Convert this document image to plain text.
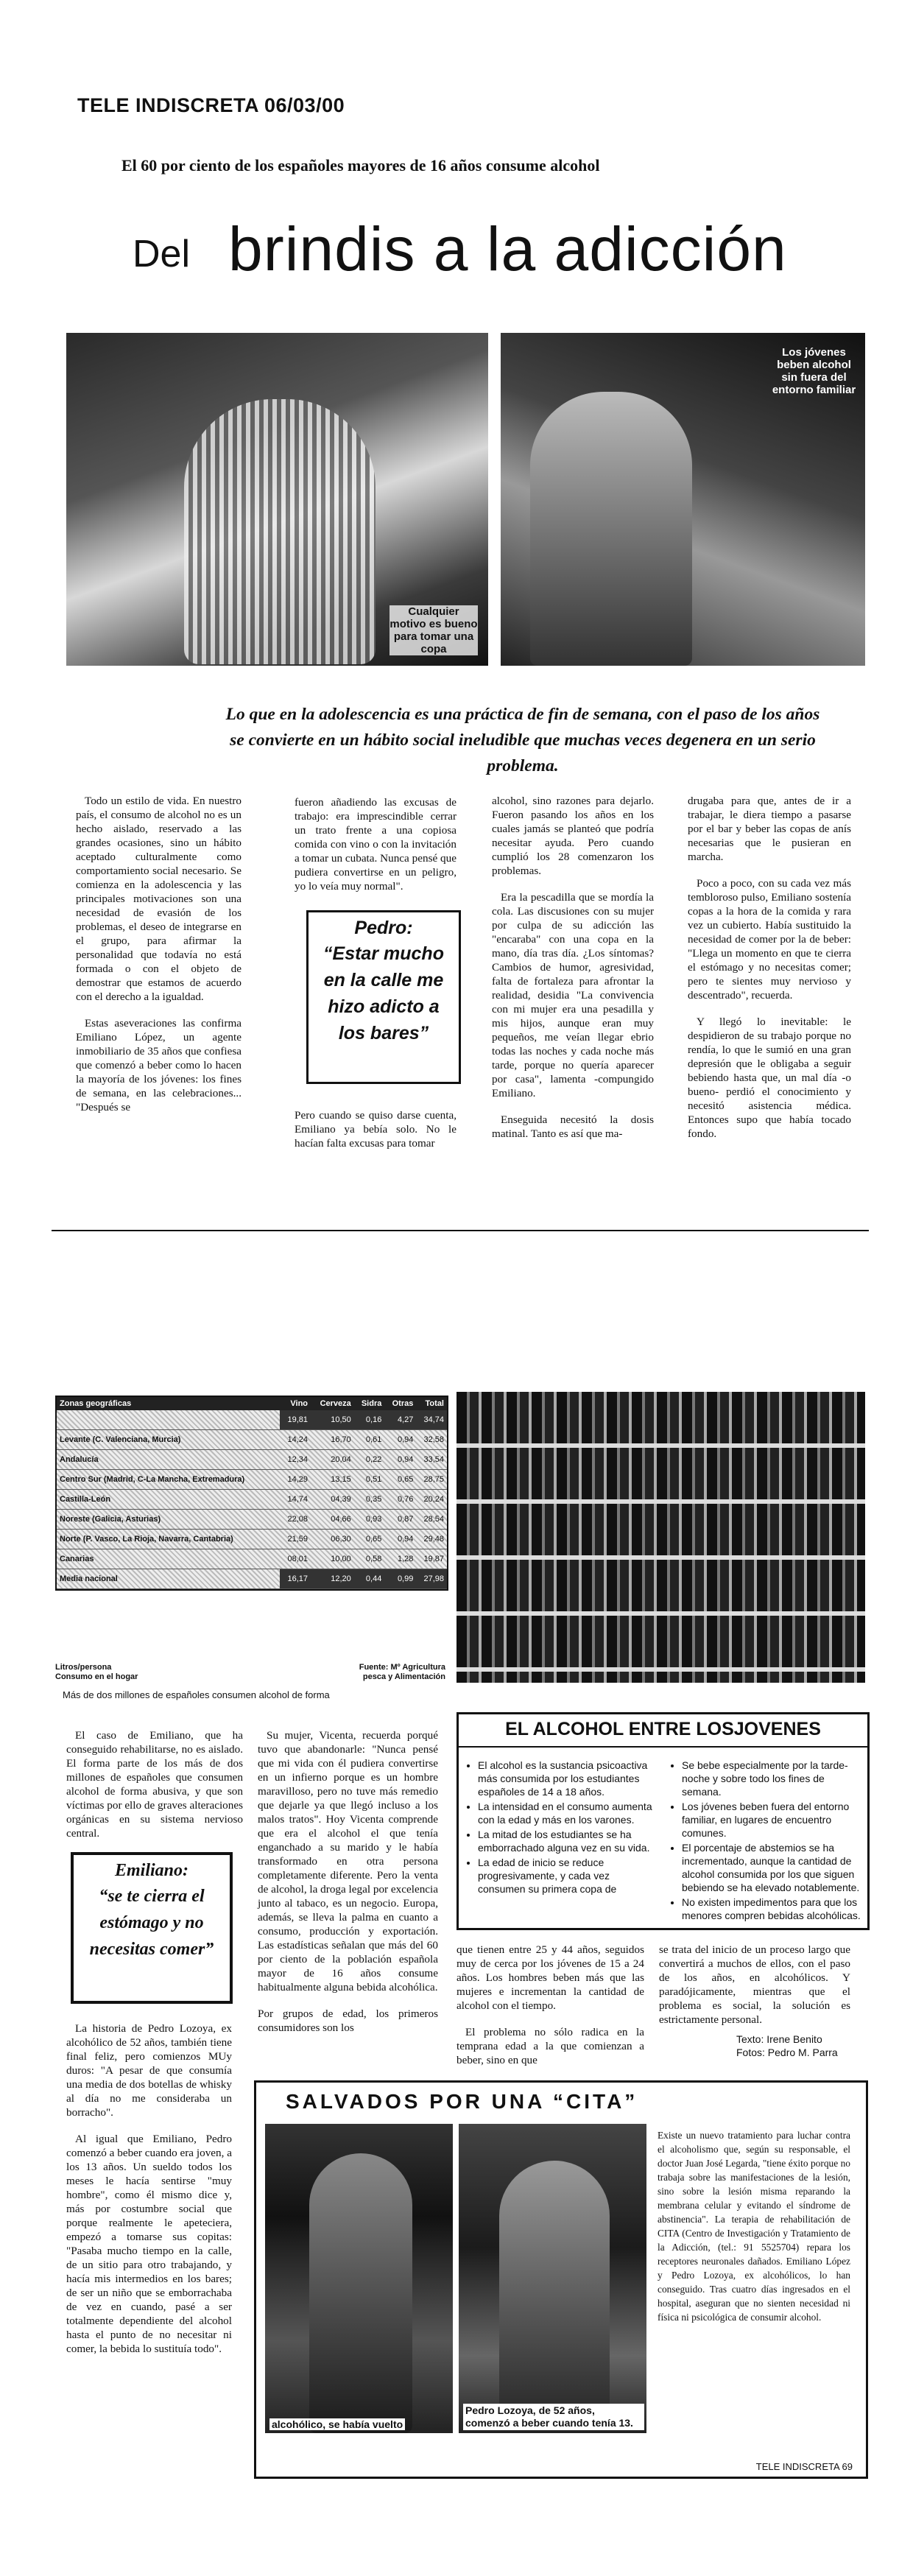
TELE INDISCRETA 06/03/00
El 60 por ciento de los españoles mayores de 16 años consume alcohol
Del brindis a la adicción
Cualquier motivo es bueno para tomar una copa
Los jóvenes beben alcohol sin fuera del entorno familiar
Lo que en la adolescencia es una práctica de fin de semana, con el paso de los años se convierte en un hábito social ineludible que muchas veces degenera en un serio problema.

Todo un estilo de vida. En nuestro país, el consumo de alcohol no es un hecho aislado, reservado a las grandes ocasiones, sino un hábito aceptado culturalmente como comportamiento social necesario. Se comienza en la adolescencia y las principales motivaciones son una necesidad de evasión de los problemas, el deseo de integrarse en el grupo, para afirmar la personalidad que todavía no está formada o con el objeto de demostrar que estamos de acuerdo con el derecho a la igualdad.

Estas aseveraciones las confirma Emiliano López, un agente inmobiliario de 35 años que confiesa que comenzó a beber como lo hacen la mayoría de los jóvenes: los fines de semana, en las celebraciones... "Después se

fueron añadiendo las excusas de trabajo: era imprescindible cerrar un trato frente a una copiosa comida con vino o con la invitación a tomar un cubata. Nunca pensé que pudiera convertirse en un peligro, yo lo veía muy normal".

Pedro:
“Estar mucho en la calle me hizo adicto a los bares”

Pero cuando se quiso darse cuenta, Emiliano ya bebía solo. No le hacían falta excusas para tomar

alcohol, sino razones para dejarlo. Fueron pasando los años en los cuales jamás se planteó que podría necesitar ayuda. Pero cuando cumplió los 28 comenzaron los problemas.

Era la pescadilla que se mordía la cola. Las discusiones con su mujer por culpa de su adicción las "encaraba" con una copa en la mano, día tras día. ¿Los síntomas? Cambios de humor, agresividad, falta de fortaleza para afrontar la realidad, desidia "La convivencia con mi mujer era una pesadilla y mis hijos, aunque eran muy pequeños, me veían llegar ebrio todas las noches y cada noche más tarde, porque no quería aparecer por casa", lamenta -compungido Emiliano.

Enseguida necesitó la dosis matinal. Tanto es así que ma-

drugaba para que, antes de ir a trabajar, le diera tiempo a pasarse por el bar y beber las copas de anís necesarias que le pusieran en marcha.

Poco a poco, con su cada vez más tembloroso pulso, Emiliano sostenía copas a la hora de la comida y rara vez un cubierto. Había sustituido la necesidad de comer por la de beber: "Llega un momento en que te cierra el estómago y no necesitas comer; pero te sientes muy nervioso y descentrado", recuerda.

Y llegó lo inevitable: le despidieron de su trabajo porque no rendía, lo que le sumió en una gran depresión que le obligaba a seguir bebiendo hasta que, un mal día -o bueno- perdió el conocimiento y necesitó asistencia médica. Entonces supo que había tocado fondo.

Zonas geográficas	Vino	Cerveza	Sidra	Otras	Total
	19,81	10,50	0,16	4,27	34,74
Levante (C. Valenciana, Murcia)	14,24	16,70	0,61	0,94	32,58
Andalucía	12,34	20,04	0,22	0,94	33,54
Centro Sur (Madrid, C-La Mancha, Extremadura)	14,29	13,15	0,51	0,65	28,75
Castilla-León	14,74	04,39	0,35	0,76	20,24
Noreste (Galicia, Asturias)	22,08	04,66	0,93	0,87	28,54
Norte (P. Vasco, La Rioja, Navarra, Cantabria)	21,59	06,30	0,65	0,94	29,48
Canarias	08,01	10,00	0,58	1,28	19,87
Media nacional	16,17	12,20	0,44	0,99	27,98
Litros/persona
Consumo en el hogar
Fuente: Mº Agricultura
pesca y Alimentación
Más de dos millones de españoles consumen alcohol de forma

El caso de Emiliano, que ha conseguido rehabilitarse, no es aislado. El forma parte de los más de dos millones de españoles que consumen alcohol de forma abusiva, y que son víctimas por ello de graves alteraciones orgánicas en su sistema nervioso central.

Emiliano:
“se te cierra el estómago y no necesitas comer”

La historia de Pedro Lozoya, ex alcohólico de 52 años, también tiene final feliz, pero comienzos MUy duros: "A pesar de que consumía una media de dos botellas de whisky al día no me consideraba un borracho".

Al igual que Emiliano, Pedro comenzó a beber cuando era joven, a los 13 años. Un sueldo todos los meses le hacía sentirse "muy hombre", como él mismo dice y, más por costumbre social que porque realmente le apeteciera, empezó a tomarse sus copitas: "Pasaba mucho tiempo en la calle, de un sitio para otro trabajando, y hacía mis intermedios en los bares; de ser un niño que se emborrachaba de vez en cuando, pasé a ser totalmente dependiente del alcohol hasta el punto de no necesitar ni comer, la bebida lo sustituía todo".

Su mujer, Vicenta, recuerda porqué tuvo que abandonarle: "Nunca pensé que mi vida con él pudiera convertirse en un infierno porque es un hombre maravilloso, pero no tuve más remedio que dejarle ya que llegó incluso a los malos tratos". Hoy Vicenta comprende que era el alcohol el que tenía enganchado a su marido y le había transformado en otra persona completamente diferente. Pero la venta de alcohol, la droga legal por excelencia junto al tabaco, es un negocio. Europa, además, se lleva la palma en cuanto a consumo, producción y exportación. Las estadísticas señalan que más del 60 por ciento de la población española mayor de 16 años consume habitualmente alguna bebida alcohólica.

Por grupos de edad, los primeros consumidores son los

EL ALCOHOL ENTRE LOSJOVENES
• El alcohol es la sustancia psicoactiva más consumida por los estudiantes españoles de 14 a 18 años.
• La intensidad en el consumo aumenta con la edad y más en los varones.
• La mitad de los estudiantes se ha emborrachado alguna vez en su vida.
• La edad de inicio se reduce progresivamente, y cada vez consumen su primera copa de
• Se bebe especialmente por la tarde-noche y sobre todo los fines de semana.
• Los jóvenes beben fuera del entorno familiar, en lugares de encuentro comunes.
• El porcentaje de abstemios se ha incrementado, aunque la cantidad de alcohol consumida por los que siguen bebiendo se ha elevado notablemente.
• No existen impedimentos para que los menores compren bebidas alcohólicas.

que tienen entre 25 y 44 años, seguidos muy de cerca por los jóvenes de 15 a 24 años. Los hombres beben más que las mujeres e incrementan la cantidad de alcohol con el tiempo.

El problema no sólo radica en la temprana edad a la que comienzan a beber, sino en que

se trata del inicio de un proceso largo que convertirá a muchos de ellos, con el paso de los años, en alcohólicos. Y paradójicamente, mientras que el problema es social, la solución es estrictamente personal.

Texto: Irene Benito
Fotos: Pedro M. Parra
SALVADOS POR UNA “CITA”
alcohólico, se había vuelto
Pedro Lozoya, de 52 años, comenzó a beber cuando tenía 13.
Existe un nuevo tratamiento para luchar contra el alcoholismo que, según su responsable, el doctor Juan José Legarda, "tiene éxito porque no trabaja sobre las manifestaciones de la lesión, sino sobre la lesión misma reparando la membrana celular y evitando el síndrome de abstinencia". La terapia de rehabilitación de CITA (Centro de Investigación y Tratamiento de la Adicción, (tel.: 91 5525704) repara los receptores neuronales dañados. Emiliano López y Pedro Lozoya, ex alcohólicos, lo han conseguido. Tras cuatro días ingresados en el hospital, aseguran que no sienten necesidad ni física ni psicológica de consumir alcohol.
TELE INDISCRETA 69
